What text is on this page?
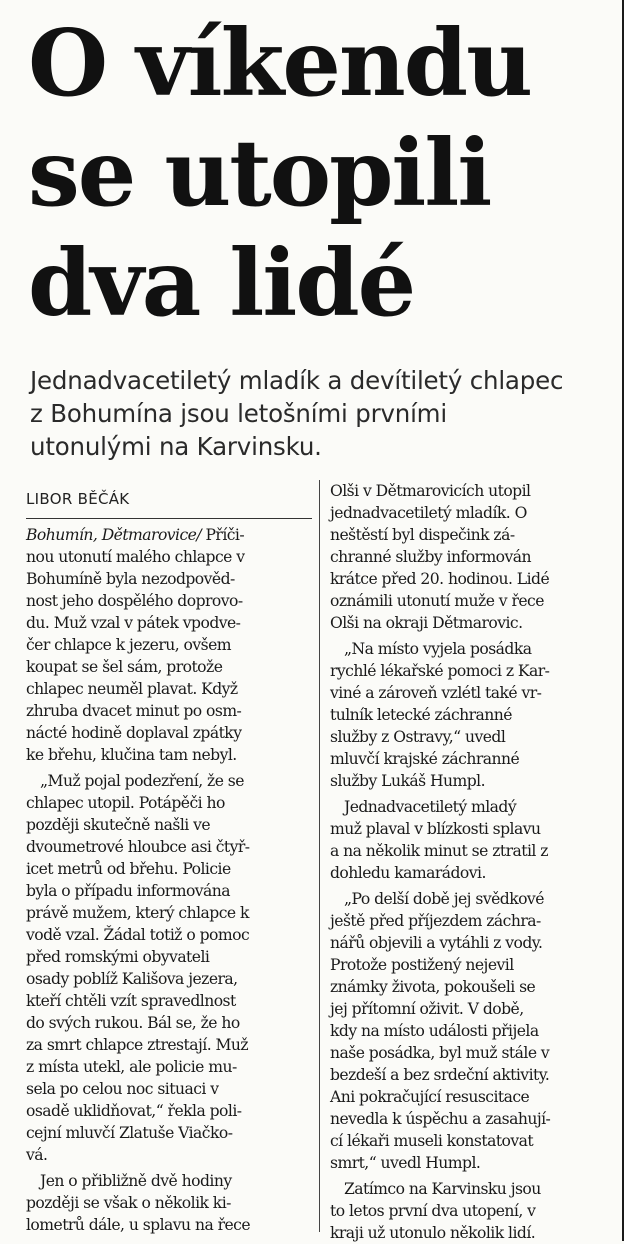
O víkendu
se utopili
dva lidé
Jednadvacetiletý mladík a devítiletý chlapec
z Bohumína jsou letošními prvními
utonulými na Karvinsku.
LIBOR BĚČÁK
Bohumín, Dětmarovice/ Příči-
nou utonutí malého chlapce v
Bohumíně byla nezodpověd-
nost jeho dospělého doprovo-
du. Muž vzal v pátek vpodve-
čer chlapce k jezeru, ovšem
koupat se šel sám, protože
chlapec neuměl plavat. Když
zhruba dvacet minut po osm-
nácté hodině doplaval zpátky
ke břehu, klučina tam nebyl.
„Muž pojal podezření, že se
chlapec utopil. Potápěči ho
později skutečně našli ve
dvoumetrové hloubce asi čtyř-
icet metrů od břehu. Policie
byla o případu informována
právě mužem, který chlapce k
vodě vzal. Žádal totiž o pomoc
před romskými obyvateli
osady poblíž Kališova jezera,
kteří chtěli vzít spravedlnost
do svých rukou. Bál se, že ho
za smrt chlapce ztrestají. Muž
z místa utekl, ale policie mu-
sela po celou noc situaci v
osadě uklidňovat,“ řekla poli-
cejní mluvčí Zlatuše Viačko-
vá.
Jen o přibližně dvě hodiny
později se však o několik ki-
lometrů dále, u splavu na řece
Olši v Dětmarovicích utopil
jednadvacetiletý mladík. O
neštěstí byl dispečink zá-
chranné služby informován
krátce před 20. hodinou. Lidé
oznámili utonutí muže v řece
Olši na okraji Dětmarovic.
„Na místo vyjela posádka
rychlé lékařské pomoci z Kar-
viné a zároveň vzlétl také vr-
tulník letecké záchranné
služby z Ostravy,“ uvedl
mluvčí krajské záchranné
služby Lukáš Humpl.
Jednadvacetiletý mladý
muž plaval v blízkosti splavu
a na několik minut se ztratil z
dohledu kamarádovi.
„Po delší době jej svědkové
ještě před příjezdem záchra-
nářů objevili a vytáhli z vody.
Protože postižený nejevil
známky života, pokoušeli se
jej přítomní oživit. V době,
kdy na místo události přijela
naše posádka, byl muž stále v
bezdeší a bez srdeční aktivity.
Ani pokračující resuscitace
nevedla k úspěchu a zasahují-
cí lékaři museli konstatovat
smrt,“ uvedl Humpl.
Zatímco na Karvinsku jsou
to letos první dva utopení, v
kraji už utonulo několik lidí.
